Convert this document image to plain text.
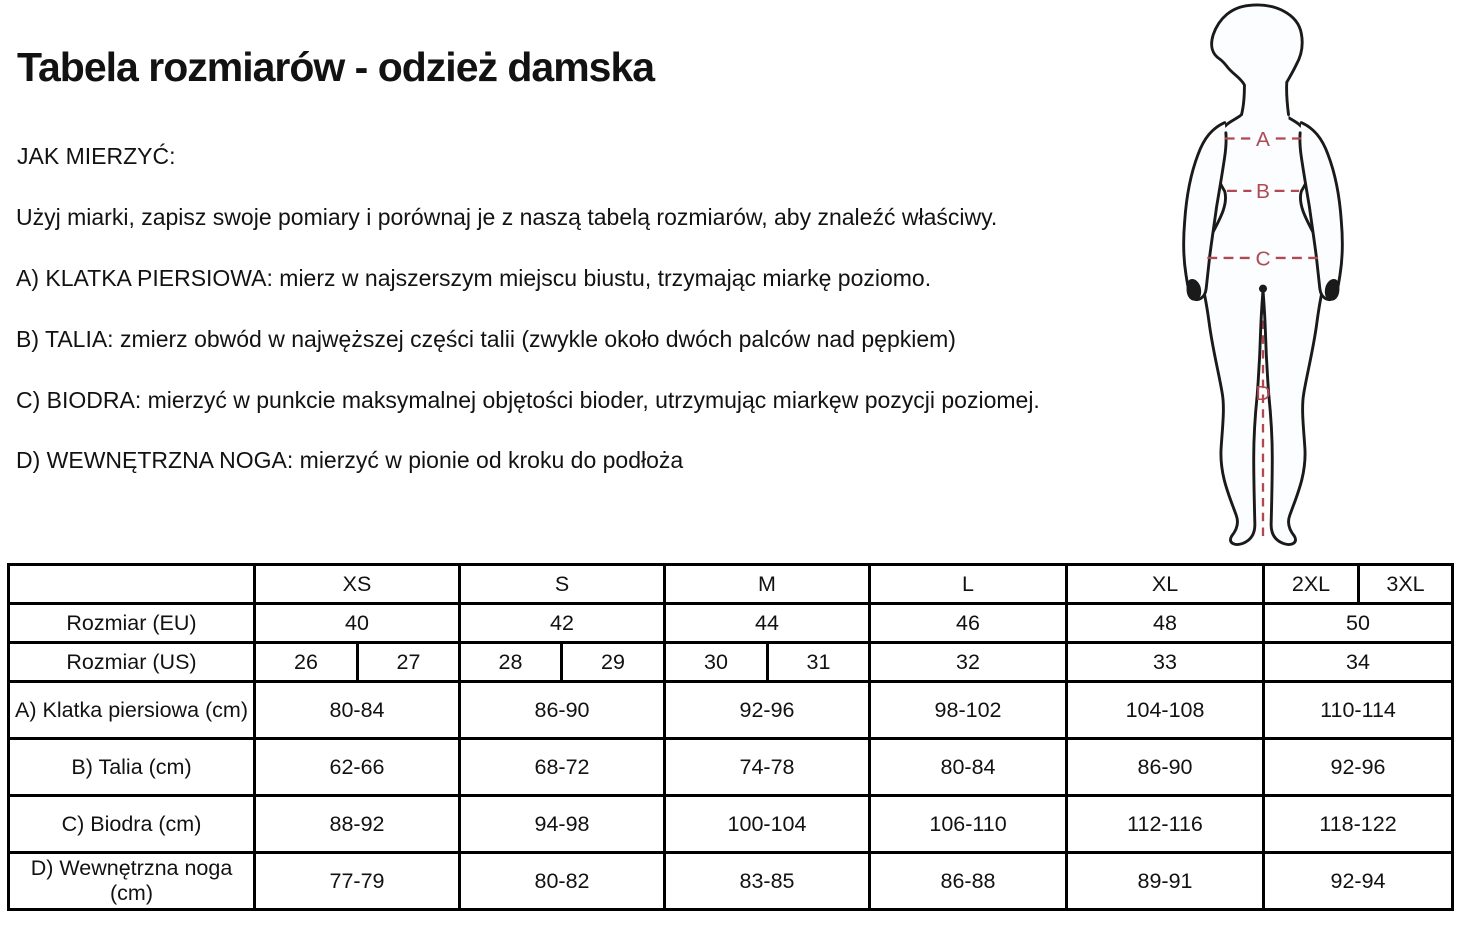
Tabela rozmiarów - odzież damska
JAK MIERZYĆ:
Użyj miarki, zapisz swoje pomiary i porównaj je z naszą tabelą rozmiarów, aby znaleźć właściwy.
A) KLATKA PIERSIOWA: mierz w najszerszym miejscu biustu, trzymając miarkę poziomo.
B) TALIA: zmierz obwód w najwęższej części talii (zwykle około dwóch palców nad pępkiem)
C) BIODRA: mierzyć w punkcie maksymalnej objętości bioder, utrzymując miarkęw pozycji poziomej.
D) WEWNĘTRZNA NOGA: mierzyć w pionie od kroku do podłoża
A
B
C
D
	XS		S		M		L	XL	2XL	3XL
Rozmiar (EU)	40		42		44		46	48	50	
Rozmiar (US)	26	27	28	29	30	31	32	33	34	
A) Klatka piersiowa (cm)	80-84		86-90		92-96		98-102	104-108	110-114	
B) Talia (cm)	62-66		68-72		74-78		80-84	86-90	92-96	
C) Biodra (cm)	88-92		94-98		100-104		106-110	112-116	118-122	
D) Wewnętrzna noga (cm)	77-79		80-82		83-85		86-88	89-91	92-94	
